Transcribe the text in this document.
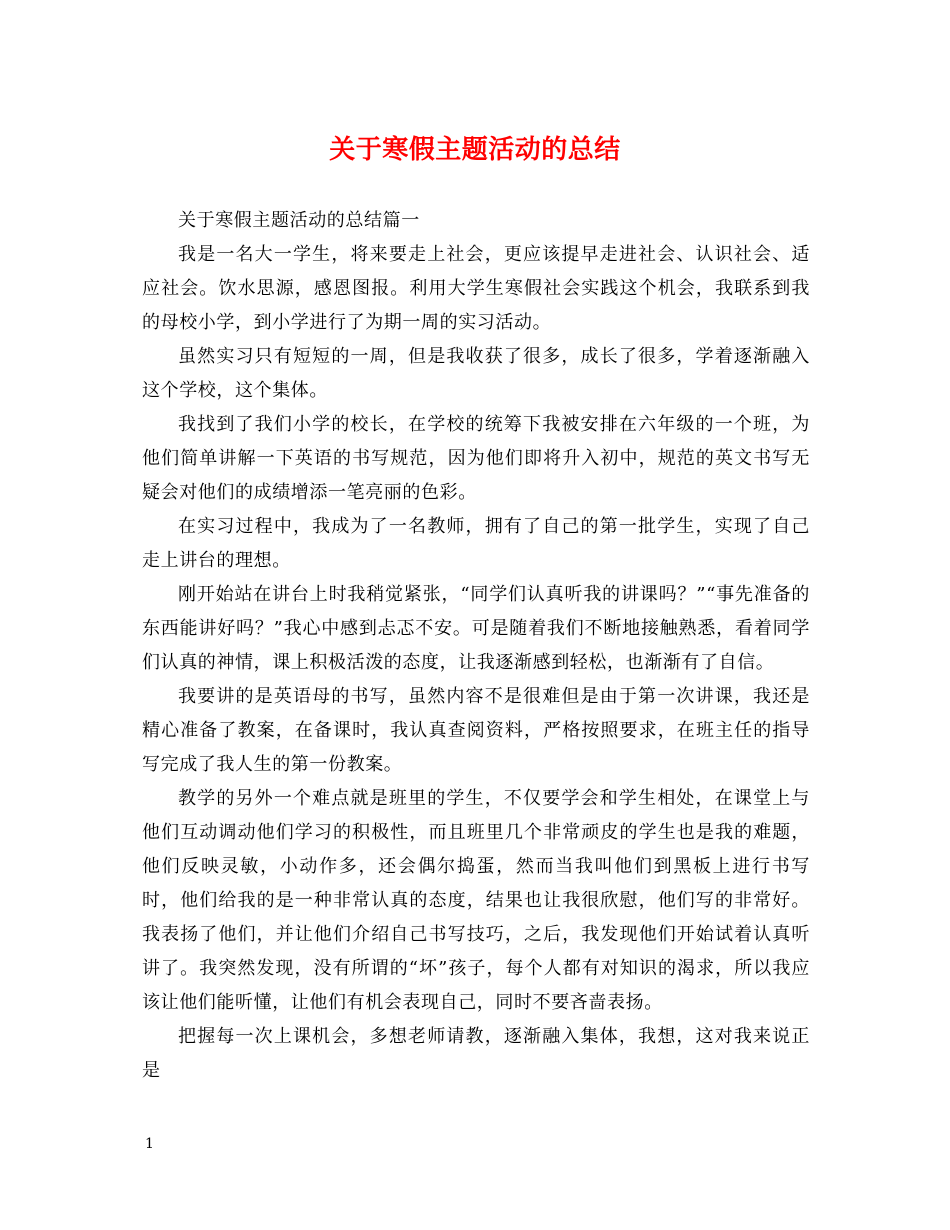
关于寒假主题活动的总结

关于寒假主题活动的总结篇一

我是一名大一学生，将来要走上社会，更应该提早走进社会、认识社会、适应社会。饮水思源，感恩图报。利用大学生寒假社会实践这个机会，我联系到我的母校小学，到小学进行了为期一周的实习活动。

虽然实习只有短短的一周，但是我收获了很多，成长了很多，学着逐渐融入这个学校，这个集体。

我找到了我们小学的校长，在学校的统筹下我被安排在六年级的一个班，为他们简单讲解一下英语的书写规范，因为他们即将升入初中，规范的英文书写无疑会对他们的成绩增添一笔亮丽的色彩。

在实习过程中，我成为了一名教师，拥有了自己的第一批学生，实现了自己走上讲台的理想。

刚开始站在讲台上时我稍觉紧张，“同学们认真听我的讲课吗？”“事先准备的东西能讲好吗？”我心中感到忐忑不安。可是随着我们不断地接触熟悉，看着同学们认真的神情，课上积极活泼的态度，让我逐渐感到轻松，也渐渐有了自信。

我要讲的是英语母的书写，虽然内容不是很难但是由于第一次讲课，我还是精心准备了教案，在备课时，我认真查阅资料，严格按照要求，在班主任的指导写完成了我人生的第一份教案。

教学的另外一个难点就是班里的学生，不仅要学会和学生相处，在课堂上与他们互动调动他们学习的积极性，而且班里几个非常顽皮的学生也是我的难题，他们反映灵敏，小动作多，还会偶尔捣蛋，然而当我叫他们到黑板上进行书写时，他们给我的是一种非常认真的态度，结果也让我很欣慰，他们写的非常好。我表扬了他们，并让他们介绍自己书写技巧，之后，我发现他们开始试着认真听讲了。我突然发现，没有所谓的“坏”孩子，每个人都有对知识的渴求，所以我应该让他们能听懂，让他们有机会表现自己，同时不要吝啬表扬。

把握每一次上课机会，多想老师请教，逐渐融入集体，我想，这对我来说正是

1
